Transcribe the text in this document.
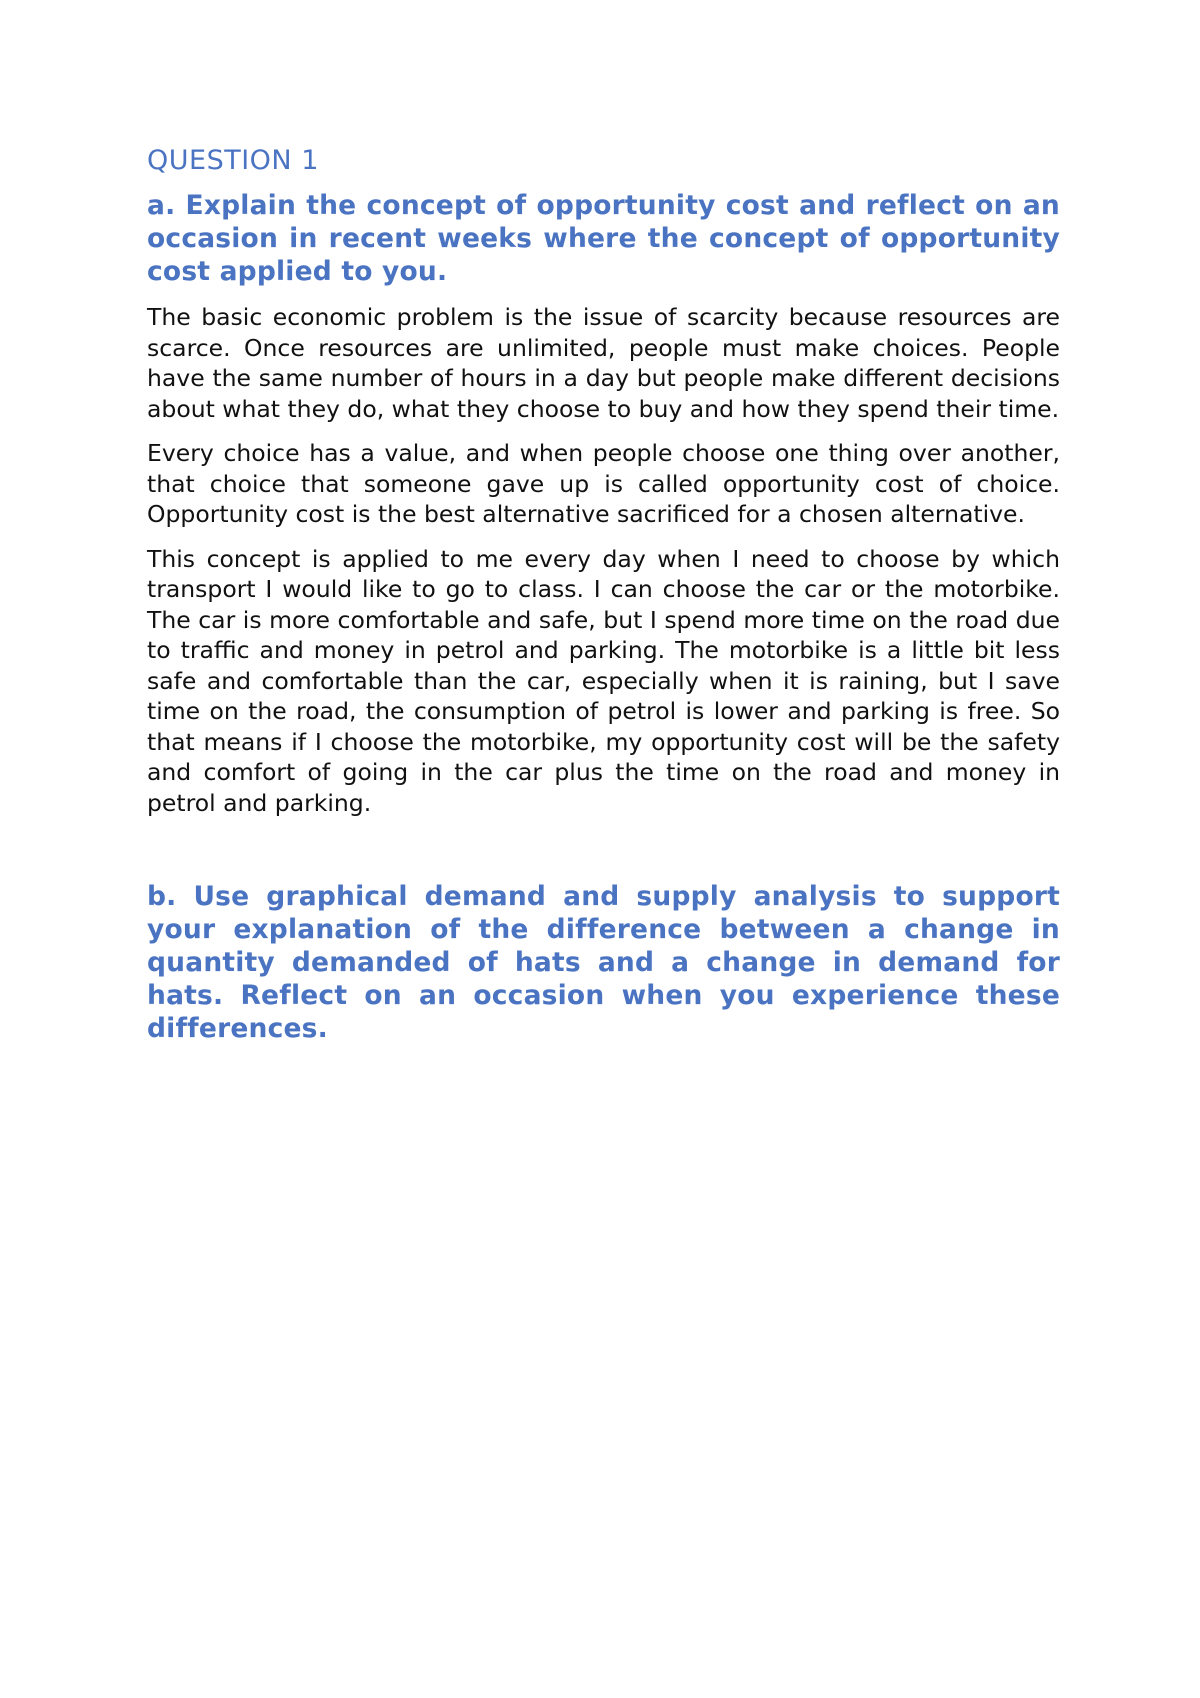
QUESTION 1

a. Explain the concept of opportunity cost and reflect on an occasion in recent weeks where the concept of opportunity cost applied to you.

The basic economic problem is the issue of scarcity because resources are scarce. Once resources are unlimited, people must make choices. People have the same number of hours in a day but people make different decisions about what they do, what they choose to buy and how they spend their time.

Every choice has a value, and when people choose one thing over another, that choice that someone gave up is called opportunity cost of choice. Opportunity cost is the best alternative sacrificed for a chosen alternative.

This concept is applied to me every day when I need to choose by which transport I would like to go to class. I can choose the car or the motorbike. The car is more comfortable and safe, but I spend more time on the road due to traffic and money in petrol and parking. The motorbike is a little bit less safe and comfortable than the car, especially when it is raining, but I save time on the road, the consumption of petrol is lower and parking is free. So that means if I choose the motorbike, my opportunity cost will be the safety and comfort of going in the car plus the time on the road and money in petrol and parking.

b. Use graphical demand and supply analysis to support your explanation of the difference between a change in quantity demanded of hats and a change in demand for hats. Reflect on an occasion when you experience these differences.
